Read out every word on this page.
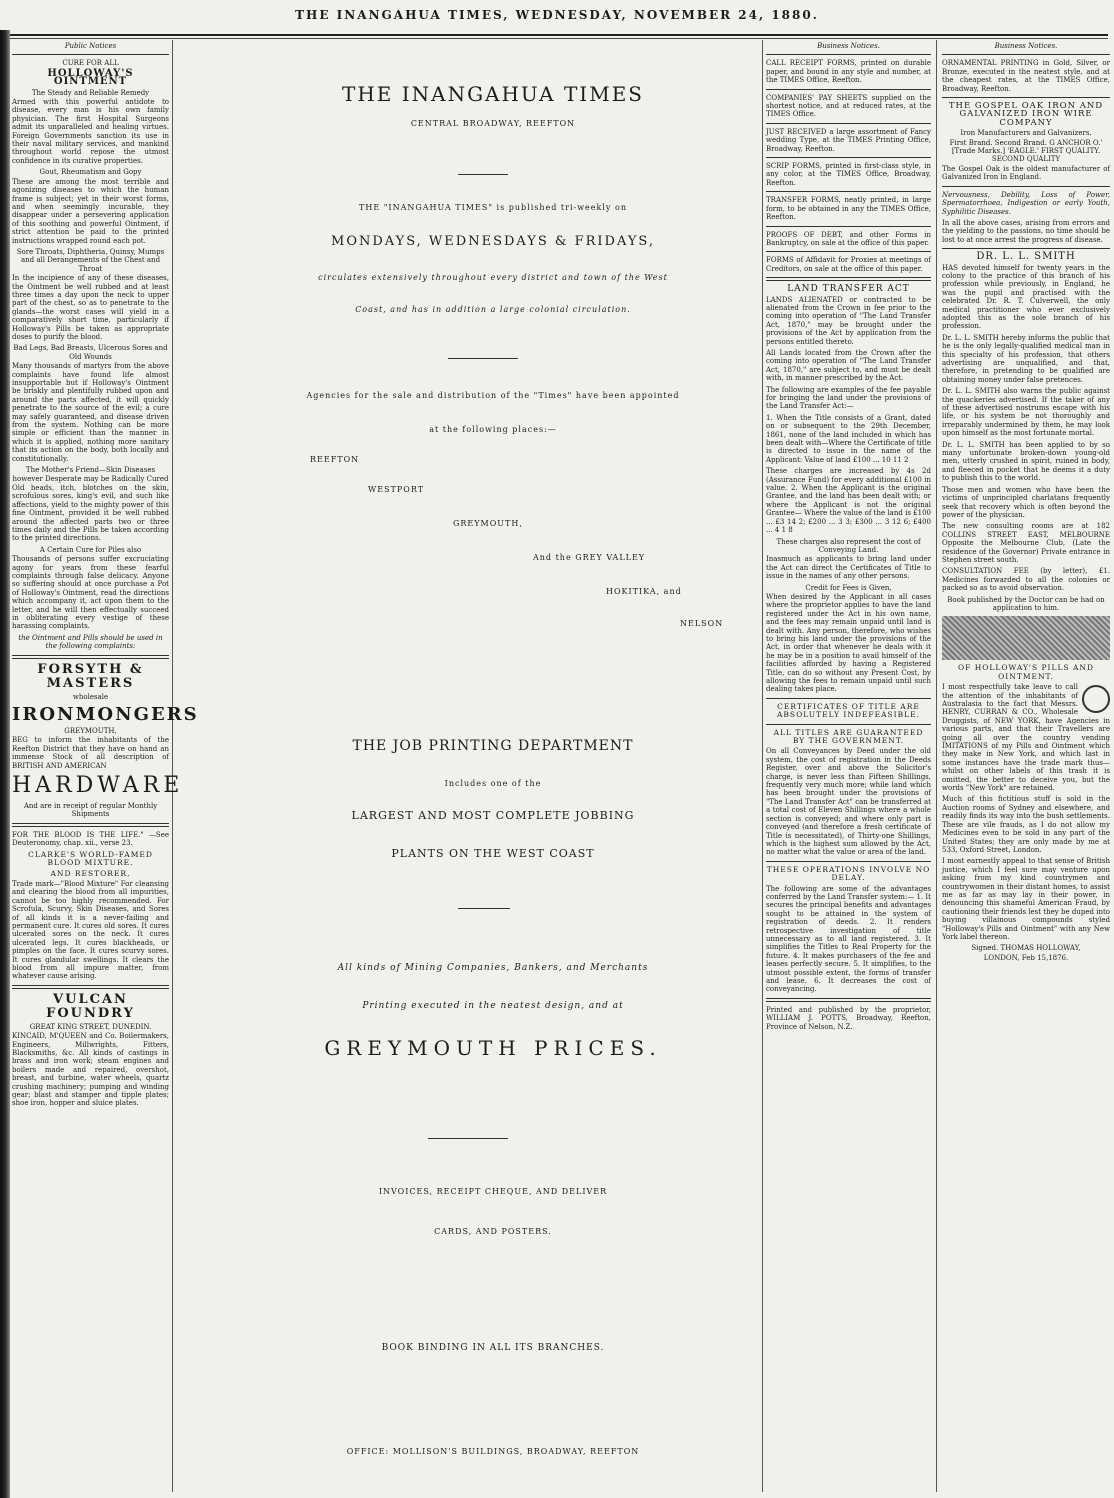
THE INANGAHUA TIMES, WEDNESDAY, NOVEMBER 24, 1880.
Public Notices
CURE FOR ALL
HOLLOWAY'S OINTMENT
The Steady and Reliable Remedy

Armed with this powerful antidote to disease, every man is his own family physician. The first Hospital Surgeons admit its unparalleled and healing virtues. Foreign Governments sanction its use in their naval military services, and mankind throughout world repose the utmost confidence in its curative properties.

Gout, Rheumatism and Gopy

These are among the most terrible and agonizing diseases to which the human frame is subject; yet in their worst forms, and when seemingly incurable, they disappear under a persevering application of this soothing and powerful Ointment, if strict attention be paid to the printed instructions wrapped round each pot.

Sore Throats, Diphtheria, Quinsy, Mumps and all Derangements of the Chest and Throat

In the incipience of any of these diseases, the Ointment be well rubbed and at least three times a day upon the neck to upper part of the chest, so as to penetrate to the glands—the worst cases will yield in a comparatively short time, particularly if Holloway's Pills be taken as appropriate doses to purify the blood.

Bad Legs, Bad Breasts, Ulcerous Sores and Old Wounds

Many thousands of martyrs from the above complaints have found life almost insupportable but if Holloway's Ointment be briskly and plentifully rubbed upon and around the parts affected, it will quickly penetrate to the source of the evil; a cure may safely guaranteed, and disease driven from the system. Nothing can be more simple or efficient than the manner in which it is applied, nothing more sanitary that its action on the body, both locally and constitutionally.

The Mother's Friend—Skin Diseases however Desperate may be Radically Cured

Old heads, itch, blotches on the skin, scrofulous sores, king's evil, and such like affections, yield to the mighty power of this fine Ointment, provided it be well rubbed around the affected parts two or three times daily and the Pills be taken according to the printed directions.

A Certain Cure for Piles also

Thousands of persons suffer excruciating agony for years from these fearful complaints through false delicacy. Anyone so suffering should at once purchase a Pot of Holloway's Ointment, read the directions which accompany it, act upon them to the letter, and he will then effectually succeed in obliterating every vestige of these harassing complaints.

the Ointment and Pills should be used in the following complaints:
FORSYTH & MASTERS
wholesale
IRONMONGERS
GREYMOUTH,

BEG to inform the inhabitants of the Reefton District that they have on hand an immense Stock of all description of BRITISH AND AMERICAN

HARDWARE
And are in receipt of regular Monthly Shipments

FOR THE BLOOD IS THE LIFE." —See Deuteronomy, chap. xii., verse 23.

CLARKE'S WORLD-FAMED BLOOD MIXTURE.
AND RESTORER,

Trade mark—"Blood Mixture" For cleansing and clearing the blood from all impurities, cannot be too highly recommended. For Scrofula, Scurvy, Skin Diseases, and Sores of all kinds it is a never-failing and permanent cure. It cures old sores. It cures ulcerated sores on the neck. It cures ulcerated legs. It cures blackheads, or pimples on the face. It cures scurvy sores. It cures glandular swellings. It clears the blood from all impure matter, from whatever cause arising.

VULCAN FOUNDRY
GREAT KING STREET, DUNEDIN.

KINCAID, M'QUEEN and Co. Boilermakers, Engineers, Millwrights, Fitters, Blacksmiths, &c. All kinds of castings in brass and iron work; steam engines and boilers made and repaired, overshot, breast, and turbine, water wheels, quartz crushing machinery; pumping and winding gear; blast and stamper and tipple plates; shoe iron, hopper and sluice plates.

THE INANGAHUA TIMES
CENTRAL BROADWAY, REEFTON
THE "INANGAHUA TIMES" is published tri-weekly on
MONDAYS, WEDNESDAYS & FRIDAYS,
circulates extensively throughout every district and town of the West
Coast, and has in addition a large colonial circulation.
Agencies for the sale and distribution of the "Times" have been appointed
at the following places:—
REEFTON
WESTPORT
GREYMOUTH,
And the GREY VALLEY
HOKITIKA, and
NELSON
THE JOB PRINTING DEPARTMENT
Includes one of the
LARGEST AND MOST COMPLETE JOBBING
PLANTS ON THE WEST COAST
All kinds of Mining Companies, Bankers, and Merchants
Printing executed in the neatest design, and at
GREYMOUTH PRICES.
INVOICES, RECEIPT CHEQUE, AND DELIVER
CARDS, AND POSTERS.
BOOK BINDING IN ALL ITS BRANCHES.
OFFICE: MOLLISON'S BUILDINGS, BROADWAY, REEFTON
Business Notices.

CALL RECEIPT FORMS, printed on durable paper, and bound in any style and number, at the TIMES Office, Reefton.

COMPANIES' PAY SHEETS supplied on the shortest notice, and at reduced rates, at the TIMES Office.

JUST RECEIVED a large assortment of Fancy wedding Type, at the TIMES Printing Office, Broadway, Reefton.

SCRIP FORMS, printed in first-class style, in any color, at the TIMES Office, Broadway, Reefton.

TRANSFER FORMS, neatly printed, in large form, to be obtained in any the TIMES Office, Reefton.

PROOFS OF DEBT, and other Forms in Bankruptcy, on sale at the office of this paper.

FORMS of Affidavit for Proxies at meetings of Creditors, on sale at the office of this paper.

LAND TRANSFER ACT

LANDS ALIENATED or contracted to be alienated from the Crown in fee prior to the coming into operation of "The Land Transfer Act, 1870," may be brought under the provisions of the Act by application from the persons entitled thereto.

All Lands located from the Crown after the coming into operation of "The Land Transfer Act, 1870," are subject to, and must be dealt with, in manner prescribed by the Act.

The following are examples of the fee payable for bringing the land under the provisions of the Land Transfer Act:—

1. When the Title consists of a Grant, dated on or subsequent to the 29th December, 1861, none of the land included in which has been dealt with—Where the Certificate of title is directed to issue in the name of the Applicant: Value of land £100 ... 10 11 2

These charges are increased by 4s 2d (Assurance Fund) for every additional £100 in value. 2. When the Applicant is the original Grantee, and the land has been dealt with; or where the Applicant is not the original Grantee— Where the value of the land is £100 ... £3 14 2; £200 ... 3 3; £300 ... 3 12 6; £400 ... 4 1 8

These charges also represent the cost of Conveying Land.

Inasmuch as applicants to bring land under the Act can direct the Certificates of Title to issue in the names of any other persons.

Credit for Fees is Given,

When desired by the Applicant in all cases where the proprietor applies to have the land registered under the Act in his own name, and the fees may remain unpaid until land is dealt with. Any person, therefore, who wishes to bring his land under the provisions of the Act, in order that whenever he deals with it he may be in a position to avail himself of the facilities afforded by having a Registered Title, can do so without any Present Cost, by allowing the fees to remain unpaid until such dealing takes place.

CERTIFICATES OF TITLE ARE ABSOLUTELY INDEFEASIBLE.
ALL TITLES ARE GUARANTEED BY THE GOVERNMENT.

On all Conveyances by Deed under the old system, the cost of registration in the Deeds Register, over and above the Solicitor's charge, is never less than Fifteen Shillings, frequently very much more; while land which has been brought under the provisions of "The Land Transfer Act" can be transferred at a total cost of Eleven Shillings where a whole section is conveyed; and where only part is conveyed (and therefore a fresh certificate of Title is necessitated), of Thirty-one Shillings, which is the highest sum allowed by the Act, no matter what the value or area of the land.

THESE OPERATIONS INVOLVE NO DELAY.

The following are some of the advantages conferred by the Land Transfer system:— 1. It secures the principal benefits and advantages sought to be attained in the system of registration of deeds. 2. It renders retrospective investigation of title unnecessary as to all land registered. 3. It simplifies the Titles to Real Property for the future. 4. It makes purchasers of the fee and leases perfectly secure. 5. It simplifies, to the utmost possible extent, the forms of transfer and lease. 6. It decreases the cost of conveyancing.

Printed and published by the proprietor, WILLIAM J. POTTS, Broadway, Reefton, Province of Nelson, N.Z.

Business Notices.

ORNAMENTAL PRINTING in Gold, Silver, or Bronze, executed in the neatest style, and at the cheapest rates, at the TIMES Office, Broadway, Reefton.

THE GOSPEL OAK IRON AND GALVANIZED IRON WIRE COMPANY
Iron Manufacturers and Galvanizers.
First Brand. Second Brand. G ANCHOR O.' [Trade Marks.] 'EAGLE.' FIRST QUALITY. SECOND QUALITY

The Gospel Oak is the oldest manufacturer of Galvanized Iron in England.

Nervousness, Debility, Loss of Power, Spermatorrhoea, Indigestion or early Youth, Syphilitic Diseases.

In all the above cases, arising from errors and the yielding to the passions, no time should be lost to at once arrest the progress of disease.

DR. L. L. SMITH

HAS devoted himself for twenty years in the colony to the practice of this branch of his profession while previously, in England, he was the pupil and practised with the celebrated Dr. R. T. Culverwell, the only medical practitioner who ever exclusively adopted this as the sole branch of his profession.

Dr. L. L. SMITH hereby informs the public that he is the only legally-qualified medical man in this specialty of his profession, that others advertising are unqualified, and that, therefore, in pretending to be qualified are obtaining money under false pretences.

Dr. L. L. SMITH also warns the public against the quackeries advertised. If the taker of any of these advertised nostrums escape with his life, or his system be not thoroughly and irreparably undermined by them, he may look upon himself as the most fortunate mortal.

Dr. L. L. SMITH has been applied to by so many unfortunate broken-down young-old men, utterly crushed in spirit, ruined in body, and fleeced in pocket that he deems it a duty to publish this to the world.

Those men and women who have been the victims of unprincipled charlatans frequently seek that recovery which is often beyond the power of the physician.

The new consulting rooms are at 182 COLLINS STREET EAST, MELBOURNE Opposite the Melbourne Club, (Late the residence of the Governor) Private entrance in Stephen street south.

CONSULTATION FEE (by letter), £1. Medicines forwarded to all the colonies or packed so as to avoid observation.

Book published by the Doctor can be had on application to him.
OF HOLLOWAY'S PILLS AND OINTMENT.

I most respectfully take leave to call the attention of the inhabitants of Australasia to the fact that Messrs. HENRY, CURRAN & CO., Wholesale Druggists, of NEW YORK, have Agencies in various parts, and that their Travellers are going all over the country vending IMITATIONS of my Pills and Ointment which they make in New York, and which last in some instances have the trade mark thus— whilst on other labels of this trash it is omitted, the better to deceive you, but the words "New York" are retained.

Much of this fictitious stuff is sold in the Auction rooms of Sydney and elsewhere, and readily finds its way into the bush settlements. These are vile frauds, as I do not allow my Medicines even to be sold in any part of the United States; they are only made by me at 533, Oxford Street, London.

I most earnestly appeal to that sense of British justice, which I feel sure may venture upon asking from my kind countrymen and countrywomen in their distant homes, to assist me as far as may lay in their power, in denouncing this shameful American Fraud, by cautioning their friends lest they be duped into buying villainous compounds styled "Holloway's Pills and Ointment" with any New York label thereon.

Signed. THOMAS HOLLOWAY,
LONDON, Feb 15,1876.
